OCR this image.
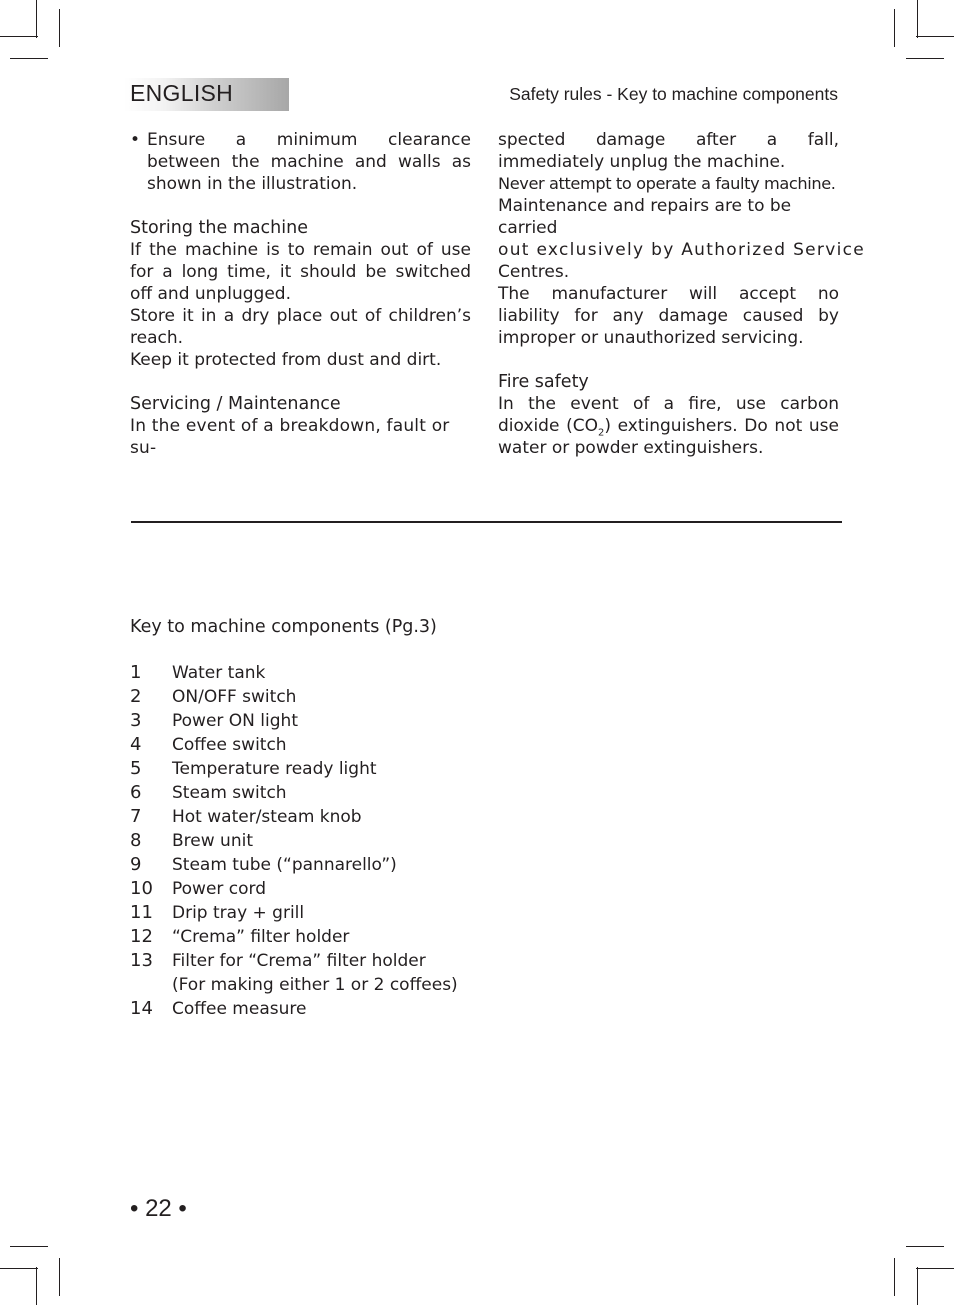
ENGLISH	Safety rules - Key to machine components
• Ensure a minimum clearance between the machine and walls as shown in the illustration.

Storing the machine

If the machine is to remain out of use for a long time, it should be switched off and unplugged.

Store it in a dry place out of children’s reach.

Keep it protected from dust and dirt.

Servicing / Maintenance

In the event of a breakdown, fault or su-

spected damage after a fall, immediately unplug the machine.

Never attempt to operate a faulty machine.

Maintenance and repairs are to be carried

out exclusively by Authorized Service

Centres.

The manufacturer will accept no liability for any damage caused by improper or unauthorized servicing.

Fire safety

In the event of a fire, use carbon dioxide $(CO_2)$ extinguishers. Do not use water or powder extinguishers.

Key to machine components (Pg.3)

1	Water tank
2	ON/OFF switch
3	Power ON light
4	Coffee switch
5	Temperature ready light
6	Steam switch
7	Hot water/steam knob
8	Brew unit
9	Steam tube (“pannarello”)
10	Power cord
11	Drip tray + grill
12	“Crema” filter holder
13	Filter for “Crema” filter holder
(For making either 1 or 2 coffees)
14	Coffee measure
• 22 •
